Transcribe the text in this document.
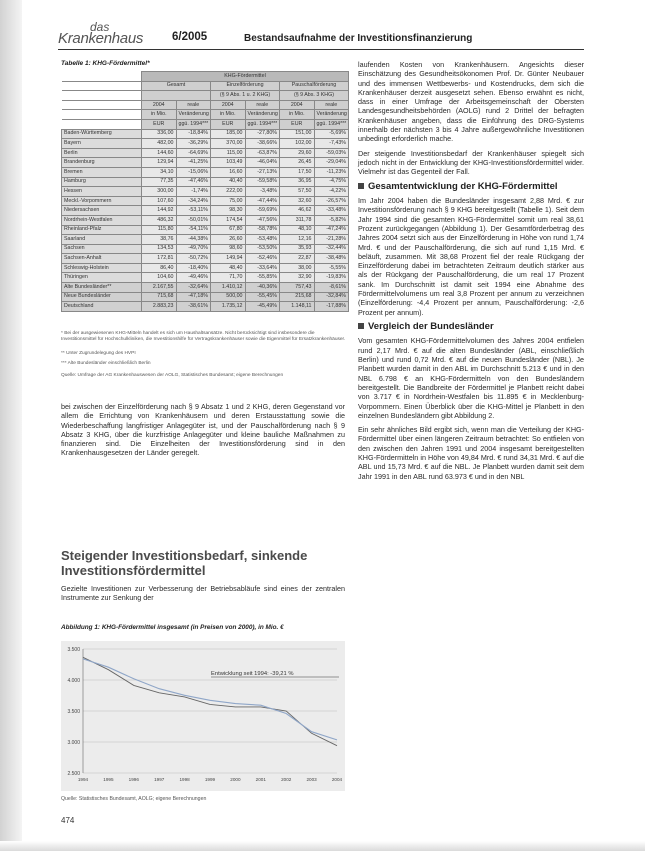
das
Krankenhaus	6/2005	Bestandsaufnahme der Investitionsfinanzierung
Tabelle 1: KHG-Fördermittel*
	KHG-Fördermittel					
	Gesamt		Einzelförderung		Pauschalförderung	
			(§ 9 Abs. 1 u. 2 KHG)		(§ 9 Abs. 3 KHG)	
	2004	reale	2004	reale	2004	reale
	in Mio.	Veränderung	in Mio.	Veränderung	in Mio.	Veränderung
	EUR	ggü. 1994***	EUR	ggü. 1994***	EUR	ggü. 1994***
Baden-Württemberg	336,00	-18,84%	185,00	-27,80%	151,00	-5,69%
Bayern	482,00	-36,29%	370,00	-38,66%	102,00	-7,43%
Berlin	144,60	-64,69%	115,00	-63,87%	29,60	-59,03%
Brandenburg	129,94	-41,25%	103,49	-46,04%	26,45	-29,04%
Bremen	34,10	-15,06%	16,60	-27,13%	17,50	-11,23%
Hamburg	77,35	-47,46%	40,40	-59,58%	36,95	-4,75%
Hessen	300,00	-1,74%	222,00	-3,48%	57,50	-4,22%
Meckl.-Vorpommern	107,60	-34,24%	75,00	-47,44%	32,60	-26,57%
Niedersachsen	144,92	-53,11%	98,30	-59,69%	46,62	-33,48%
Nordrhein-Westfalen	486,32	-50,01%	174,54	-47,56%	311,78	-5,82%
Rheinland-Pfalz	115,80	-54,11%	67,80	-58,78%	48,10	-47,24%
Saarland	38,76	-44,38%	26,60	-53,48%	12,16	-21,28%
Sachsen	134,53	-49,70%	98,60	-53,50%	35,93	-32,44%
Sachsen-Anhalt	172,81	-50,72%	149,94	-52,46%	22,87	-38,48%
Schleswig-Holstein	86,40	-18,40%	48,40	-33,64%	38,00	-5,55%
Thüringen	104,60	-49,46%	71,70	-55,85%	32,90	-19,83%
Alte Bundesländer**	2.167,55	-32,64%	1.410,12	-40,36%	757,43	-8,61%
Neue Bundesländer	715,68	-47,18%	500,00	-55,45%	215,68	-32,84%
Deutschland	2.883,23	-38,61%	1.735,12	-45,49%	1.148,11	-17,88%
* Bei der ausgewiesenen KHG-Mitteln handelt es sich um Haushaltsansätze. Nicht berücksichtigt sind insbesondere die Investitionsmittel für Hochschulkliniken, die Investitionshilfe für Vertragskrankenhäuser sowie die Eigenmittel für Ersatzkrankenhäuser.
** Unter Zugrundelegung des HVPI
*** Alte Bundesländer einschließlich Berlin
Quelle: Umfrage der AG Krankenhauswesen der AOLG, Statistisches Bundesamt; eigene Berechnungen

bei zwischen der Einzelförderung nach § 9 Absatz 1 und 2 KHG, deren Gegenstand vor allem die Errichtung von Krankenhäusern und deren Erstausstattung sowie die Wiederbeschaffung langfristiger Anlagegüter ist, und der Pauschalförderung nach § 9 Absatz 3 KHG, über die kurzfristige Anlagegüter und kleine bauliche Maßnahmen zu finanzieren sind. Die Einzelheiten der Investitionsförderung sind in den Krankenhausgesetzen der Länder geregelt.

Steigender Investitionsbedarf, sinkende Investitionsfördermittel

Gezielte Investitionen zur Verbesserung der Betriebsabläufe sind eines der zentralen Instrumente zur Senkung der

Abbildung 1: KHG-Fördermittel insgesamt (in Preisen von 2000), in Mio. €
3.500
4.000
3.500
3.000
2.500
1994	1995	1996	1997	1998	1999	2000	2001	2002	2003	2004
Entwicklung seit 1994: -39,21 %
Quelle: Statistisches Bundesamt, AOLG; eigene Berechnungen
474

laufenden Kosten von Krankenhäusern. Angesichts dieser Einschätzung des Gesundheitsökonomen Prof. Dr. Günter Neubauer und des immensen Wettbewerbs- und Kostendrucks, dem sich die Krankenhäuser derzeit ausgesetzt sehen. Ebenso erwähnt es nicht, dass in einer Umfrage der Arbeitsgemeinschaft der Obersten Landesgesundheitsbehörden (AOLG) rund 2 Drittel der befragten Krankenhäuser angeben, dass die Einführung des DRG-Systems innerhalb der nächsten 3 bis 4 Jahre außergewöhnliche Investitionen unbedingt erforderlich mache.

Der steigende Investitionsbedarf der Krankenhäuser spiegelt sich jedoch nicht in der Entwicklung der KHG-Investitionsfördermittel wider. Vielmehr ist das Gegenteil der Fall.

Gesamtentwicklung der KHG-Fördermittel

Im Jahr 2004 haben die Bundesländer insgesamt 2,88 Mrd. € zur Investitionsförderung nach § 9 KHG bereitgestellt (Tabelle 1). Seit dem Jahr 1994 sind die gesamten KHG-Fördermittel somit um real 38,61 Prozent zurückgegangen (Abbildung 1). Der Gesamtförderbetrag des Jahres 2004 setzt sich aus der Einzelförderung in Höhe von rund 1,74 Mrd. € und der Pauschalförderung, die sich auf rund 1,15 Mrd. € beläuft, zusammen. Mit 38,68 Prozent fiel der reale Rückgang der Einzelförderung dabei im betrachteten Zeitraum deutlich stärker aus als der Rückgang der Pauschalförderung, die um real 17 Prozent sank. Im Durchschnitt ist damit seit 1994 eine Abnahme des Fördermittelvolumens um real 3,8 Prozent per annum zu verzeichnen (Einzelförderung: -4,4 Prozent per annum, Pauschalförderung: -2,6 Prozent per annum).

Vergleich der Bundesländer

Vom gesamten KHG-Fördermittelvolumen des Jahres 2004 entfielen rund 2,17 Mrd. € auf die alten Bundesländer (ABL, einschließlich Berlin) und rund 0,72 Mrd. € auf die neuen Bundesländer (NBL). Je Planbett wurden damit in den ABL im Durchschnitt 5.213 € und in den NBL 6.798 € an KHG-Fördermitteln von den Bundesländern bereitgestellt. Die Bandbreite der Fördermittel je Planbett reicht dabei von 3.717 € in Nordrhein-Westfalen bis 11.895 € in Mecklenburg-Vorpommern. Einen Überblick über die KHG-Mittel je Planbett in den einzelnen Bundesländern gibt Abbildung 2.

Ein sehr ähnliches Bild ergibt sich, wenn man die Verteilung der KHG-Fördermittel über einen längeren Zeitraum betrachtet: So entfielen von den zwischen den Jahren 1991 und 2004 insgesamt bereitgestellten KHG-Fördermitteln in Höhe von 49,84 Mrd. € rund 34,31 Mrd. € auf die ABL und 15,73 Mrd. € auf die NBL. Je Planbett wurden damit seit dem Jahr 1991 in den ABL rund 63.973 € und in den NBL
